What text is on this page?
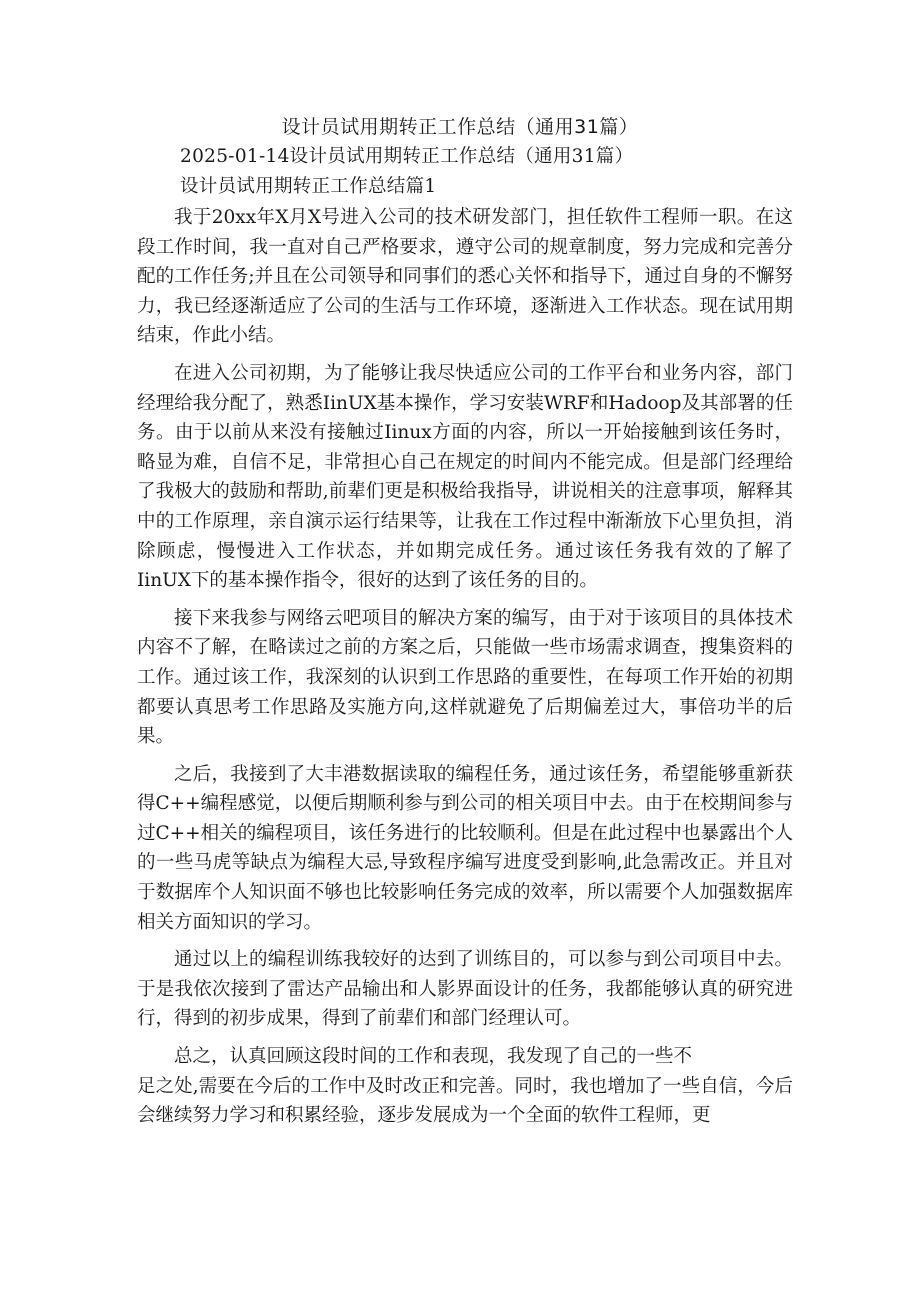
设计员试用期转正工作总结（通用31篇）
2025-01-14设计员试用期转正工作总结（通用31篇）
设计员试用期转正工作总结篇1

我于20xx年X月X号进入公司的技术研发部门，担任软件工程师一职。在这段工作时间，我一直对自己严格要求，遵守公司的规章制度，努力完成和完善分配的工作任务;并且在公司领导和同事们的悉心关怀和指导下，通过自身的不懈努力，我已经逐渐适应了公司的生活与工作环境，逐渐进入工作状态。现在试用期结束，作此小结。

在进入公司初期，为了能够让我尽快适应公司的工作平台和业务内容，部门经理给我分配了，熟悉IinUX基本操作，学习安装WRF和Hadoop及其部署的任务。由于以前从来没有接触过Iinux方面的内容，所以一开始接触到该任务时，略显为难，自信不足，非常担心自己在规定的时间内不能完成。但是部门经理给了我极大的鼓励和帮助,前辈们更是积极给我指导，讲说相关的注意事项，解释其中的工作原理，亲自演示运行结果等，让我在工作过程中渐渐放下心里负担，消除顾虑，慢慢进入工作状态，并如期完成任务。通过该任务我有效的了解了IinUX下的基本操作指令，很好的达到了该任务的目的。

接下来我参与网络云吧项目的解决方案的编写，由于对于该项目的具体技术内容不了解，在略读过之前的方案之后，只能做一些市场需求调查，搜集资料的工作。通过该工作，我深刻的认识到工作思路的重要性，在每项工作开始的初期都要认真思考工作思路及实施方向,这样就避免了后期偏差过大，事倍功半的后果。

之后，我接到了大丰港数据读取的编程任务，通过该任务，希望能够重新获得C++编程感觉，以便后期顺利参与到公司的相关项目中去。由于在校期间参与过C++相关的编程项目，该任务进行的比较顺利。但是在此过程中也暴露出个人的一些马虎等缺点为编程大忌,导致程序编写进度受到影响,此急需改正。并且对于数据库个人知识面不够也比较影响任务完成的效率，所以需要个人加强数据库相关方面知识的学习。

通过以上的编程训练我较好的达到了训练目的，可以参与到公司项目中去。于是我依次接到了雷达产品输出和人影界面设计的任务，我都能够认真的研究进行，得到的初步成果，得到了前辈们和部门经理认可。

总之，认真回顾这段时间的工作和表现，我发现了自己的一些不

足之处,需要在今后的工作中及时改正和完善。同时，我也增加了一些自信，今后会继续努力学习和积累经验，逐步发展成为一个全面的软件工程师，更
